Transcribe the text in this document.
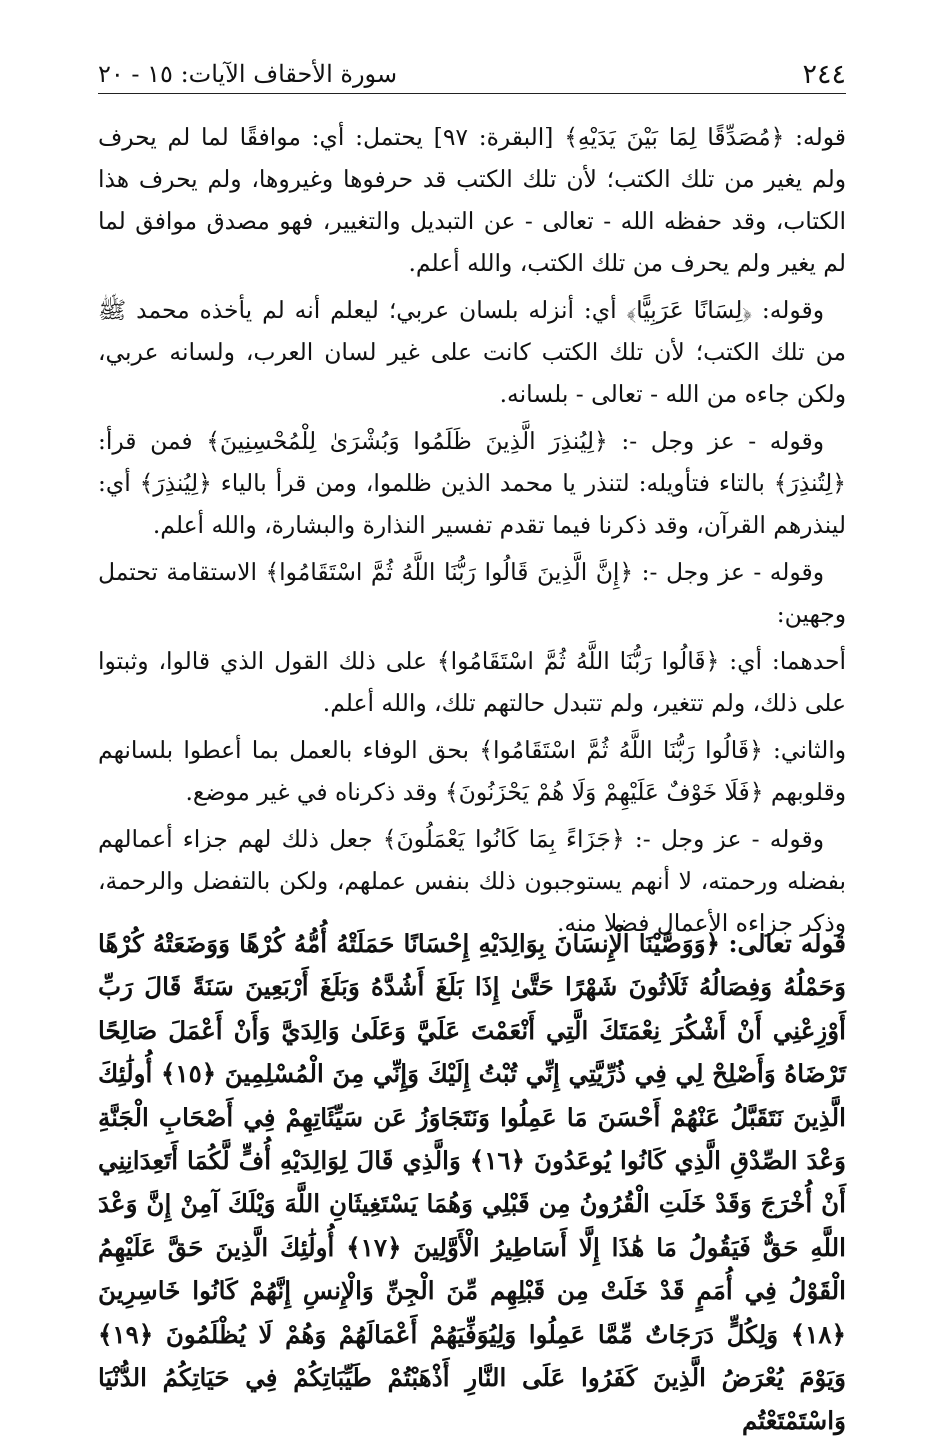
٢٤٤
سورة الأحقاف الآيات: ١٥ - ٢٠

قوله: ﴿مُصَدِّقًا لِمَا بَيْنَ يَدَيْهِ﴾ [البقرة: ٩٧] يحتمل: أي: موافقًا لما لم يحرف ولم يغير من تلك الكتب؛ لأن تلك الكتب قد حرفوها وغيروها، ولم يحرف هذا الكتاب، وقد حفظه الله - تعالى - عن التبديل والتغيير، فهو مصدق موافق لما لم يغير ولم يحرف من تلك الكتب، والله أعلم.

وقوله: ﴿لِسَانًا عَرَبِيًّا﴾ أي: أنزله بلسان عربي؛ ليعلم أنه لم يأخذه محمد ﷺ من تلك الكتب؛ لأن تلك الكتب كانت على غير لسان العرب، ولسانه عربي، ولكن جاءه من الله - تعالى - بلسانه.

وقوله - عز وجل -: ﴿لِيُنذِرَ الَّذِينَ ظَلَمُوا وَبُشْرَىٰ لِلْمُحْسِنِينَ﴾ فمن قرأ: ﴿لِتُنذِرَ﴾ بالتاء فتأويله: لتنذر يا محمد الذين ظلموا، ومن قرأ بالياء ﴿لِيُنذِرَ﴾ أي: لينذرهم القرآن، وقد ذكرنا فيما تقدم تفسير النذارة والبشارة، والله أعلم.

وقوله - عز وجل -: ﴿إِنَّ الَّذِينَ قَالُوا رَبُّنَا اللَّهُ ثُمَّ اسْتَقَامُوا﴾ الاستقامة تحتمل وجهين:

أحدهما: أي: ﴿قَالُوا رَبُّنَا اللَّهُ ثُمَّ اسْتَقَامُوا﴾ على ذلك القول الذي قالوا، وثبتوا على ذلك، ولم تتغير، ولم تتبدل حالتهم تلك، والله أعلم.

والثاني: ﴿قَالُوا رَبُّنَا اللَّهُ ثُمَّ اسْتَقَامُوا﴾ بحق الوفاء بالعمل بما أعطوا بلسانهم وقلوبهم ﴿فَلَا خَوْفٌ عَلَيْهِمْ وَلَا هُمْ يَحْزَنُونَ﴾ وقد ذكرناه في غير موضع.

وقوله - عز وجل -: ﴿جَزَاءً بِمَا كَانُوا يَعْمَلُونَ﴾ جعل ذلك لهم جزاء أعمالهم بفضله ورحمته، لا أنهم يستوجبون ذلك بنفس عملهم، ولكن بالتفضل والرحمة، وذكر جزاءه الأعمال فضلا منه.

قوله تعالى: ﴿وَوَصَّيْنَا الْإِنسَانَ بِوَالِدَيْهِ إِحْسَانًا حَمَلَتْهُ أُمُّهُ كُرْهًا وَوَضَعَتْهُ كُرْهًا وَحَمْلُهُ وَفِصَالُهُ ثَلَاثُونَ شَهْرًا حَتَّىٰ إِذَا بَلَغَ أَشُدَّهُ وَبَلَغَ أَرْبَعِينَ سَنَةً قَالَ رَبِّ أَوْزِعْنِي أَنْ أَشْكُرَ نِعْمَتَكَ الَّتِي أَنْعَمْتَ عَلَيَّ وَعَلَىٰ وَالِدَيَّ وَأَنْ أَعْمَلَ صَالِحًا تَرْضَاهُ وَأَصْلِحْ لِي فِي ذُرِّيَّتِي إِنِّي تُبْتُ إِلَيْكَ وَإِنِّي مِنَ الْمُسْلِمِينَ ﴿١٥﴾ أُولَٰئِكَ الَّذِينَ نَتَقَبَّلُ عَنْهُمْ أَحْسَنَ مَا عَمِلُوا وَنَتَجَاوَزُ عَن سَيِّئَاتِهِمْ فِي أَصْحَابِ الْجَنَّةِ وَعْدَ الصِّدْقِ الَّذِي كَانُوا يُوعَدُونَ ﴿١٦﴾ وَالَّذِي قَالَ لِوَالِدَيْهِ أُفٍّ لَّكُمَا أَتَعِدَانِنِي أَنْ أُخْرَجَ وَقَدْ خَلَتِ الْقُرُونُ مِن قَبْلِي وَهُمَا يَسْتَغِيثَانِ اللَّهَ وَيْلَكَ آمِنْ إِنَّ وَعْدَ اللَّهِ حَقٌّ فَيَقُولُ مَا هَٰذَا إِلَّا أَسَاطِيرُ الْأَوَّلِينَ ﴿١٧﴾ أُولَٰئِكَ الَّذِينَ حَقَّ عَلَيْهِمُ الْقَوْلُ فِي أُمَمٍ قَدْ خَلَتْ مِن قَبْلِهِم مِّنَ الْجِنِّ وَالْإِنسِ إِنَّهُمْ كَانُوا خَاسِرِينَ ﴿١٨﴾ وَلِكُلٍّ دَرَجَاتٌ مِّمَّا عَمِلُوا وَلِيُوَفِّيَهُمْ أَعْمَالَهُمْ وَهُمْ لَا يُظْلَمُونَ ﴿١٩﴾ وَيَوْمَ يُعْرَضُ الَّذِينَ كَفَرُوا عَلَى النَّارِ أَذْهَبْتُمْ طَيِّبَاتِكُمْ فِي حَيَاتِكُمُ الدُّنْيَا وَاسْتَمْتَعْتُم
